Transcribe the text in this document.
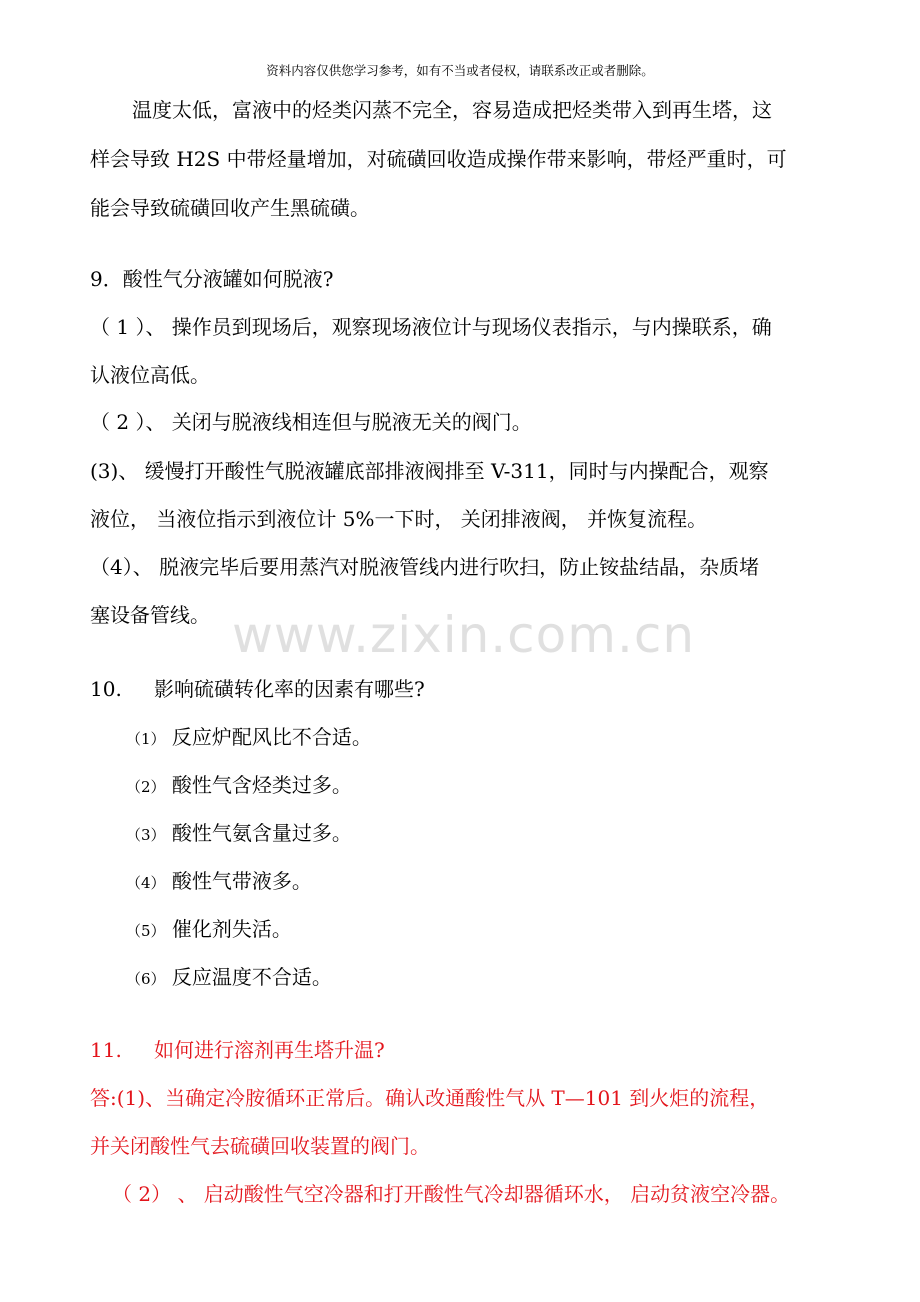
资料内容仅供您学习参考，如有不当或者侵权，请联系改正或者删除。
www.zixin.com.cn
温度太低，富液中的烃类闪蒸不完全，容易造成把烃类带入到再生塔，这
样会导致 H2S 中带烃量增加，对硫磺回收造成操作带来影响，带烃严重时，可
能会导致硫磺回收产生黑硫磺。
9．酸性气分液罐如何脱液?
（ 1 ）、 操作员到现场后，观察现场液位计与现场仪表指示，与内操联系，确
认液位高低。
（ 2 ）、 关闭与脱液线相连但与脱液无关的阀门。
(3)、 缓慢打开酸性气脱液罐底部排液阀排至 V-311，同时与内操配合，观察
液位， 当液位指示到液位计 5%一下时， 关闭排液阀， 并恢复流程。
（4）、 脱液完毕后要用蒸汽对脱液管线内进行吹扫，防止铵盐结晶，杂质堵
塞设备管线。
10. 影响硫磺转化率的因素有哪些?
（1） 反应炉配风比不合适。
（2） 酸性气含烃类过多。
（3） 酸性气氨含量过多。
（4） 酸性气带液多。
（5） 催化剂失活。
（6） 反应温度不合适。
11. 如何进行溶剂再生塔升温?
答:(1)、当确定冷胺循环正常后。确认改通酸性气从 T—101 到火炬的流程，
并关闭酸性气去硫磺回收装置的阀门。
（ 2） 、 启动酸性气空冷器和打开酸性气冷却器循环水， 启动贫液空冷器。
